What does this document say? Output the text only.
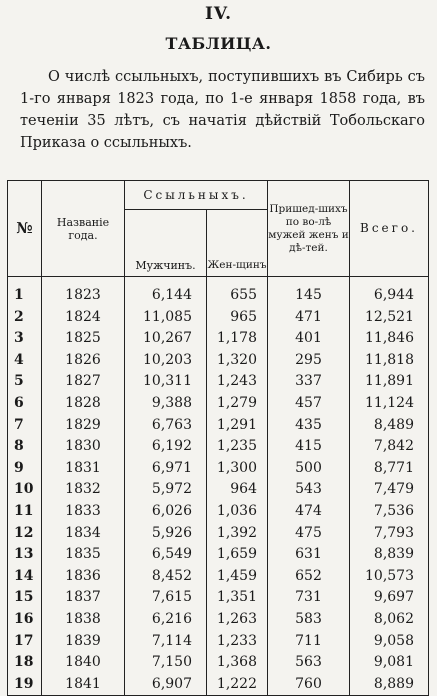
IV.
ТАБЛИЦА.

О числѣ ссыльныхъ, поступившихъ въ Сибирь съ 1-го января 1823 года, по 1-е января 1858 года, въ теченіи 35 лѣтъ, съ начатія дѣйствій Тобольскаго Приказа о ссыльныхъ.

№	Названіе года.	Ссыльныхъ.		Пришед-шихъ по во-лѣ мужей женъ и дѣ-тей.	Всего.
		Мужчинъ.	Жен-щинъ		
1	1823	6,144	655	145	6,944
2	1824	11,085	965	471	12,521
3	1825	10,267	1,178	401	11,846
4	1826	10,203	1,320	295	11,818
5	1827	10,311	1,243	337	11,891
6	1828	9,388	1,279	457	11,124
7	1829	6,763	1,291	435	8,489
8	1830	6,192	1,235	415	7,842
9	1831	6,971	1,300	500	8,771
10	1832	5,972	964	543	7,479
11	1833	6,026	1,036	474	7,536
12	1834	5,926	1,392	475	7,793
13	1835	6,549	1,659	631	8,839
14	1836	8,452	1,459	652	10,573
15	1837	7,615	1,351	731	9,697
16	1838	6,216	1,263	583	8,062
17	1839	7,114	1,233	711	9,058
18	1840	7,150	1,368	563	9,081
19	1841	6,907	1,222	760	8,889
